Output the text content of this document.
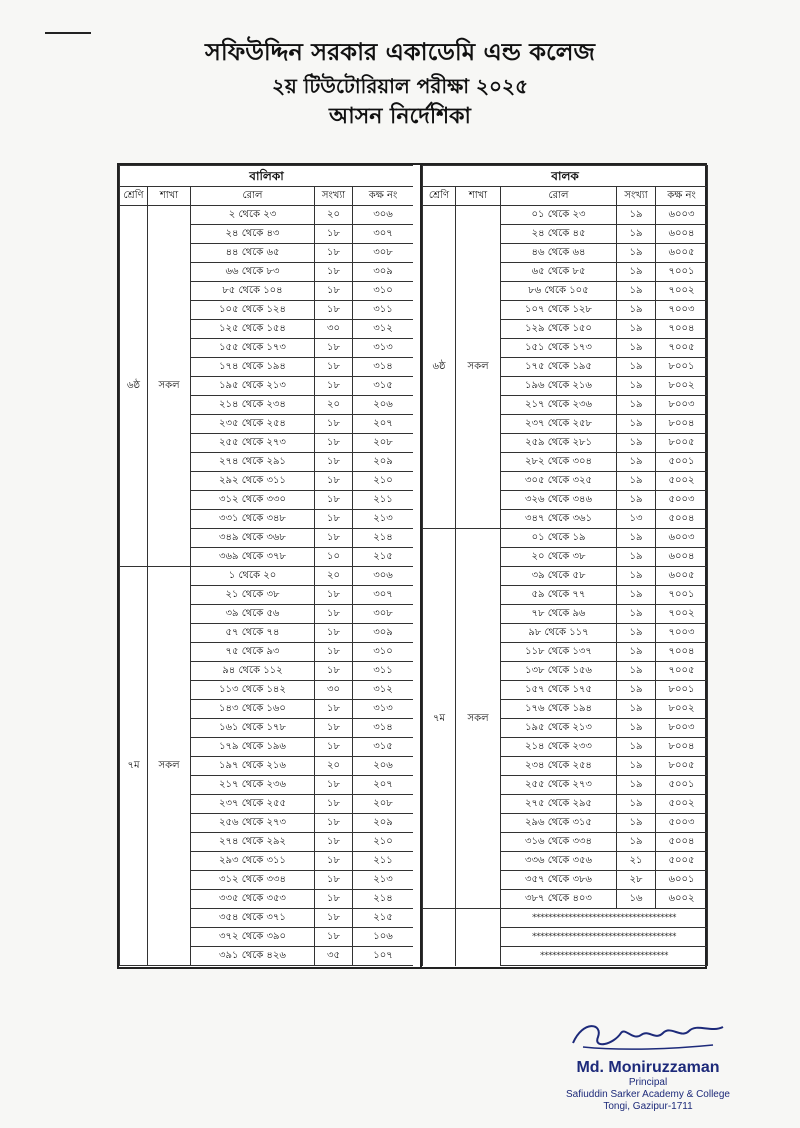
সফিউদ্দিন সরকার একাডেমি এন্ড কলেজ
২য় টিউটোরিয়াল পরীক্ষা ২০২৫
আসন নির্দেশিকা
বালিকা				
শ্রেণি	শাখা	রোল	সংখ্যা	কক্ষ নং
৬ষ্ঠ	সকল	২ থেকে ২৩	২০	৩০৬
		২৪ থেকে ৪৩	১৮	৩০৭
		৪৪ থেকে ৬৫	১৮	৩০৮
		৬৬ থেকে ৮৩	১৮	৩০৯
		৮৫ থেকে ১০৪	১৮	৩১০
		১০৫ থেকে ১২৪	১৮	৩১১
		১২৫ থেকে ১৫৪	৩০	৩১২
		১৫৫ থেকে ১৭৩	১৮	৩১৩
		১৭৪ থেকে ১৯৪	১৮	৩১৪
		১৯৫ থেকে ২১৩	১৮	৩১৫
		২১৪ থেকে ২৩৪	২০	২০৬
		২৩৫ থেকে ২৫৪	১৮	২০৭
		২৫৫ থেকে ২৭৩	১৮	২০৮
		২৭৪ থেকে ২৯১	১৮	২০৯
		২৯২ থেকে ৩১১	১৮	২১০
		৩১২ থেকে ৩৩০	১৮	২১১
		৩৩১ থেকে ৩৪৮	১৮	২১৩
		৩৪৯ থেকে ৩৬৮	১৮	২১৪
		৩৬৯ থেকে ৩৭৮	১০	২১৫
৭ম	সকল	১ থেকে ২০	২০	৩০৬
		২১ থেকে ৩৮	১৮	৩০৭
		৩৯ থেকে ৫৬	১৮	৩০৮
		৫৭ থেকে ৭৪	১৮	৩০৯
		৭৫ থেকে ৯৩	১৮	৩১০
		৯৪ থেকে ১১২	১৮	৩১১
		১১৩ থেকে ১৪২	৩০	৩১২
		১৪৩ থেকে ১৬০	১৮	৩১৩
		১৬১ থেকে ১৭৮	১৮	৩১৪
		১৭৯ থেকে ১৯৬	১৮	৩১৫
		১৯৭ থেকে ২১৬	২০	২০৬
		২১৭ থেকে ২৩৬	১৮	২০৭
		২৩৭ থেকে ২৫৫	১৮	২০৮
		২৫৬ থেকে ২৭৩	১৮	২০৯
		২৭৪ থেকে ২৯২	১৮	২১০
		২৯৩ থেকে ৩১১	১৮	২১১
		৩১২ থেকে ৩৩৪	১৮	২১৩
		৩৩৫ থেকে ৩৫৩	১৮	২১৪
		৩৫৪ থেকে ৩৭১	১৮	২১৫
		৩৭২ থেকে ৩৯০	১৮	১০৬
		৩৯১ থেকে ৪২৬	৩৫	১০৭
বালক				
শ্রেণি	শাখা	রোল	সংখ্যা	কক্ষ নং
৬ষ্ঠ	সকল	০১ থেকে ২৩	১৯	৬০০৩
		২৪ থেকে ৪৫	১৯	৬০০৪
		৪৬ থেকে ৬৪	১৯	৬০০৫
		৬৫ থেকে ৮৫	১৯	৭০০১
		৮৬ থেকে ১০৫	১৯	৭০০২
		১০৭ থেকে ১২৮	১৯	৭০০৩
		১২৯ থেকে ১৫০	১৯	৭০০৪
		১৫১ থেকে ১৭৩	১৯	৭০০৫
		১৭৫ থেকে ১৯৫	১৯	৮০০১
		১৯৬ থেকে ২১৬	১৯	৮০০২
		২১৭ থেকে ২৩৬	১৯	৮০০৩
		২৩৭ থেকে ২৫৮	১৯	৮০০৪
		২৫৯ থেকে ২৮১	১৯	৮০০৫
		২৮২ থেকে ৩০৪	১৯	৫০০১
		৩০৫ থেকে ৩২৫	১৯	৫০০২
		৩২৬ থেকে ৩৪৬	১৯	৫০০৩
		৩৪৭ থেকে ৩৬১	১৩	৫০০৪
৭ম	সকল	০১ থেকে ১৯	১৯	৬০০৩
		২০ থেকে ৩৮	১৯	৬০০৪
		৩৯ থেকে ৫৮	১৯	৬০০৫
		৫৯ থেকে ৭৭	১৯	৭০০১
		৭৮ থেকে ৯৬	১৯	৭০০২
		৯৮ থেকে ১১৭	১৯	৭০০৩
		১১৮ থেকে ১৩৭	১৯	৭০০৪
		১৩৮ থেকে ১৫৬	১৯	৭০০৫
		১৫৭ থেকে ১৭৫	১৯	৮০০১
		১৭৬ থেকে ১৯৪	১৯	৮০০২
		১৯৫ থেকে ২১৩	১৯	৮০০৩
		২১৪ থেকে ২৩৩	১৯	৮০০৪
		২৩৪ থেকে ২৫৪	১৯	৮০০৫
		২৫৫ থেকে ২৭৩	১৯	৫০০১
		২৭৫ থেকে ২৯৫	১৯	৫০০২
		২৯৬ থেকে ৩১৫	১৯	৫০০৩
		৩১৬ থেকে ৩৩৪	১৯	৫০০৪
		৩৩৬ থেকে ৩৫৬	২১	৫০০৫
		৩৫৭ থেকে ৩৮৬	২৮	৬০০১
		৩৮৭ থেকে ৪০৩	১৬	৬০০২
		************************************		
		************************************		
		********************************		
Md. Moniruzzaman
Principal
Safiuddin Sarker Academy & College
Tongi, Gazipur-1711
